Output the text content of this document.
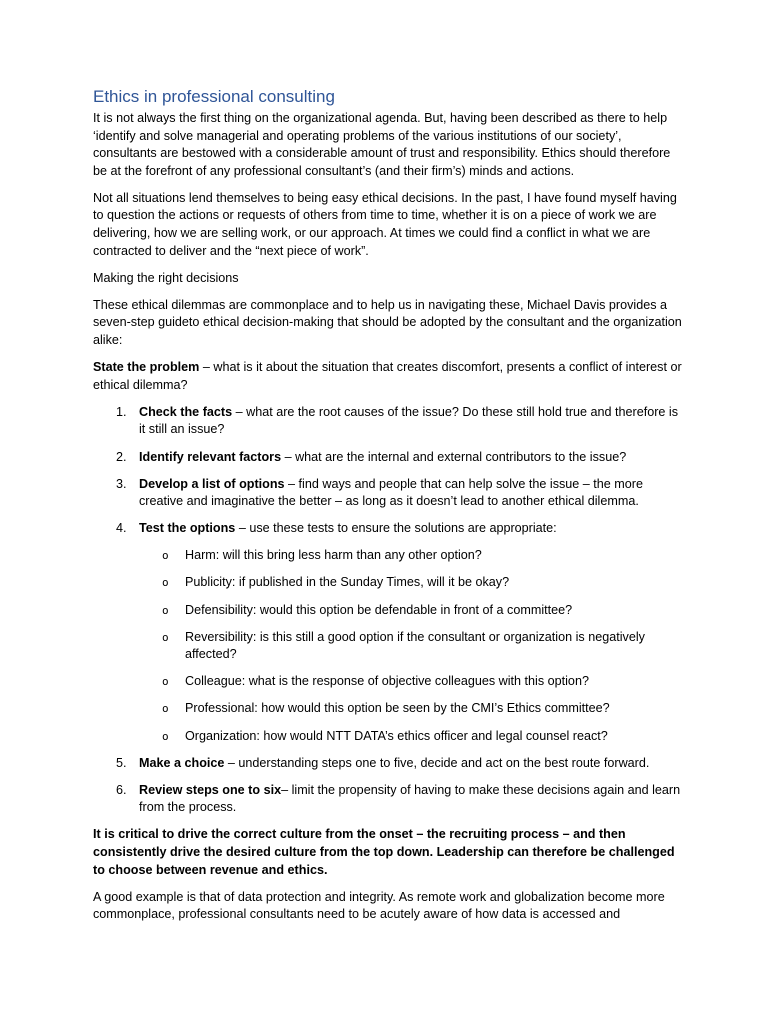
Ethics in professional consulting

It is not always the first thing on the organizational agenda. But, having been described as there to help ‘identify and solve managerial and operating problems of the various institutions of our society’, consultants are bestowed with a considerable amount of trust and responsibility. Ethics should therefore be at the forefront of any professional consultant’s (and their firm’s) minds and actions.

Not all situations lend themselves to being easy ethical decisions. In the past, I have found myself having to question the actions or requests of others from time to time, whether it is on a piece of work we are delivering, how we are selling work, or our approach. At times we could find a conflict in what we are contracted to deliver and the “next piece of work”.

Making the right decisions

These ethical dilemmas are commonplace and to help us in navigating these, Michael Davis provides a seven-step guideto ethical decision-making that should be adopted by the consultant and the organization alike:

State the problem – what is it about the situation that creates discomfort, presents a conflict of interest or ethical dilemma?

1. Check the facts – what are the root causes of the issue? Do these still hold true and therefore is it still an issue?
2. Identify relevant factors – what are the internal and external contributors to the issue?
3. Develop a list of options – find ways and people that can help solve the issue – the more creative and imaginative the better – as long as it doesn’t lead to another ethical dilemma.
4. Test the options – use these tests to ensure the solutions are appropriate:
o Harm: will this bring less harm than any other option?
o Publicity: if published in the Sunday Times, will it be okay?
o Defensibility: would this option be defendable in front of a committee?
o Reversibility: is this still a good option if the consultant or organization is negatively affected?
o Colleague: what is the response of objective colleagues with this option?
o Professional: how would this option be seen by the CMI’s Ethics committee?
o Organization: how would NTT DATA’s ethics officer and legal counsel react?
5. Make a choice – understanding steps one to five, decide and act on the best route forward.
6. Review steps one to six– limit the propensity of having to make these decisions again and learn from the process.

It is critical to drive the correct culture from the onset – the recruiting process – and then consistently drive the desired culture from the top down. Leadership can therefore be challenged to choose between revenue and ethics.

A good example is that of data protection and integrity. As remote work and globalization become more commonplace, professional consultants need to be acutely aware of how data is accessed and
